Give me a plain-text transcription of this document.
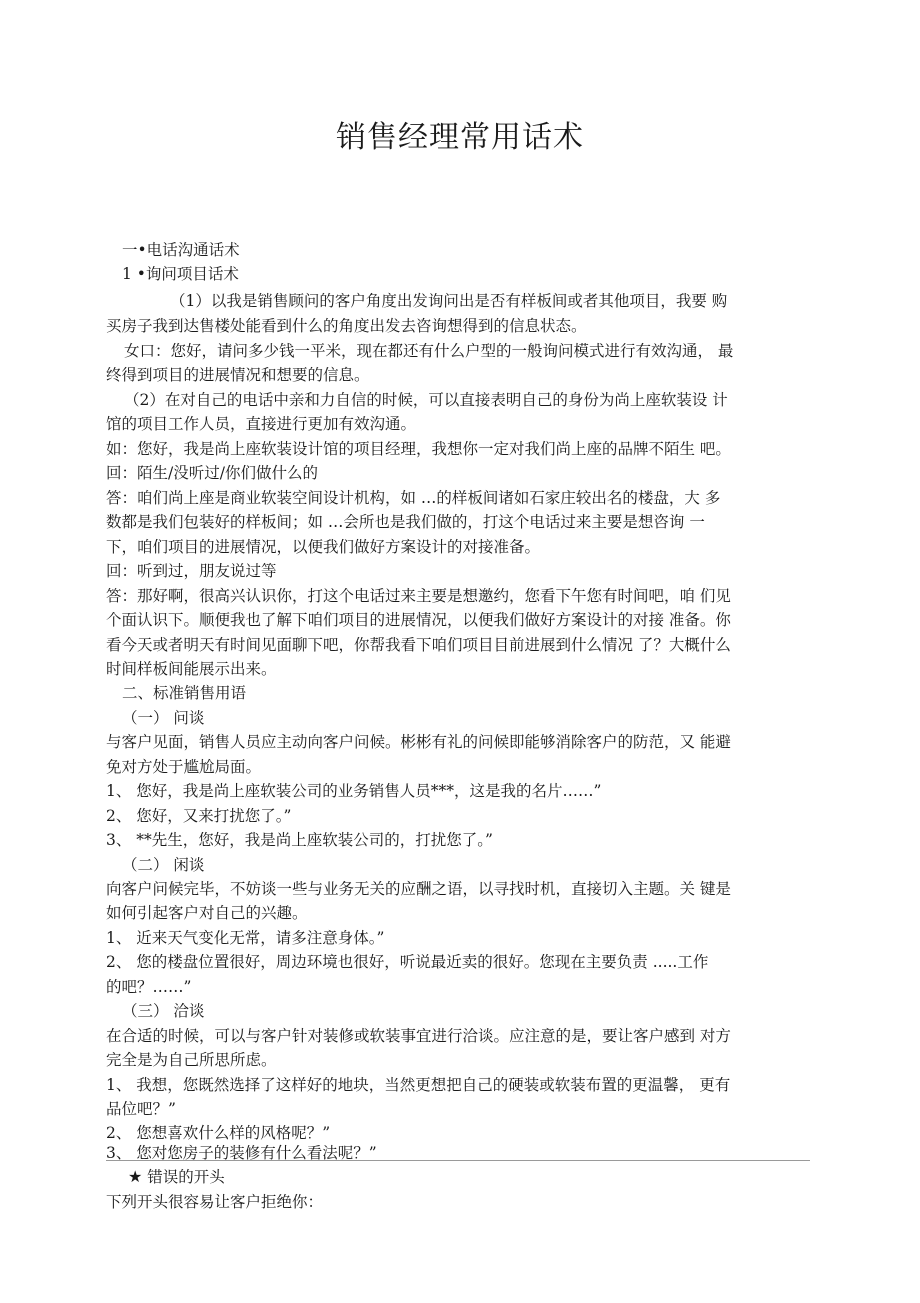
销售经理常用话术
一•电话沟通话术
1 •询问项目话术
（1）以我是销售顾问的客户角度出发询问出是否有样板间或者其他项目，我要 购
买房子我到达售楼处能看到什么的角度出发去咨询想得到的信息状态。
女口：您好，请问多少钱一平米，现在都还有什么户型的一般询问模式进行有效沟通， 最
终得到项目的进展情况和想要的信息。
（2）在对自己的电话中亲和力自信的时候，可以直接表明自己的身份为尚上座软装设 计
馆的项目工作人员，直接进行更加有效沟通。
如：您好，我是尚上座软装设计馆的项目经理，我想你一定对我们尚上座的品牌不陌生 吧。
回：陌生/没听过/你们做什么的
答：咱们尚上座是商业软装空间设计机构，如 …的样板间诸如石家庄较出名的楼盘，大 多
数都是我们包装好的样板间；如 …会所也是我们做的，打这个电话过来主要是想咨询 一
下，咱们项目的进展情况，以便我们做好方案设计的对接准备。
回：听到过，朋友说过等
答：那好啊，很高兴认识你，打这个电话过来主要是想邀约，您看下午您有时间吧，咱 们见
个面认识下。顺便我也了解下咱们项目的进展情况，以便我们做好方案设计的对接 准备。你
看今天或者明天有时间见面聊下吧，你帮我看下咱们项目目前进展到什么情况 了？大概什么
时间样板间能展示出来。
二、标准销售用语
（一） 问谈
与客户见面，销售人员应主动向客户问候。彬彬有礼的问候即能够消除客户的防范，又 能避
免对方处于尴尬局面。
1、 您好，我是尚上座软装公司的业务销售人员***，这是我的名片……”
2、 您好，又来打扰您了。”
3、 **先生，您好，我是尚上座软装公司的，打扰您了。”
（二） 闲谈
向客户问候完毕，不妨谈一些与业务无关的应酬之语，以寻找时机，直接切入主题。关 键是
如何引起客户对自己的兴趣。
1、 近来天气变化无常，请多注意身体。”
2、 您的楼盘位置很好，周边环境也很好，听说最近卖的很好。您现在主要负责 .....工作
的吧？……”
（三） 洽谈
在合适的时候，可以与客户针对装修或软装事宜进行洽谈。应注意的是，要让客户感到 对方
完全是为自己所思所虑。
1、 我想，您既然选择了这样好的地块，当然更想把自己的硬装或软装布置的更温馨， 更有
品位吧？”
2、 您想喜欢什么样的风格呢？”
3、 您对您房子的装修有什么看法呢？”
★ 错误的开头
下列开头很容易让客户拒绝你：
